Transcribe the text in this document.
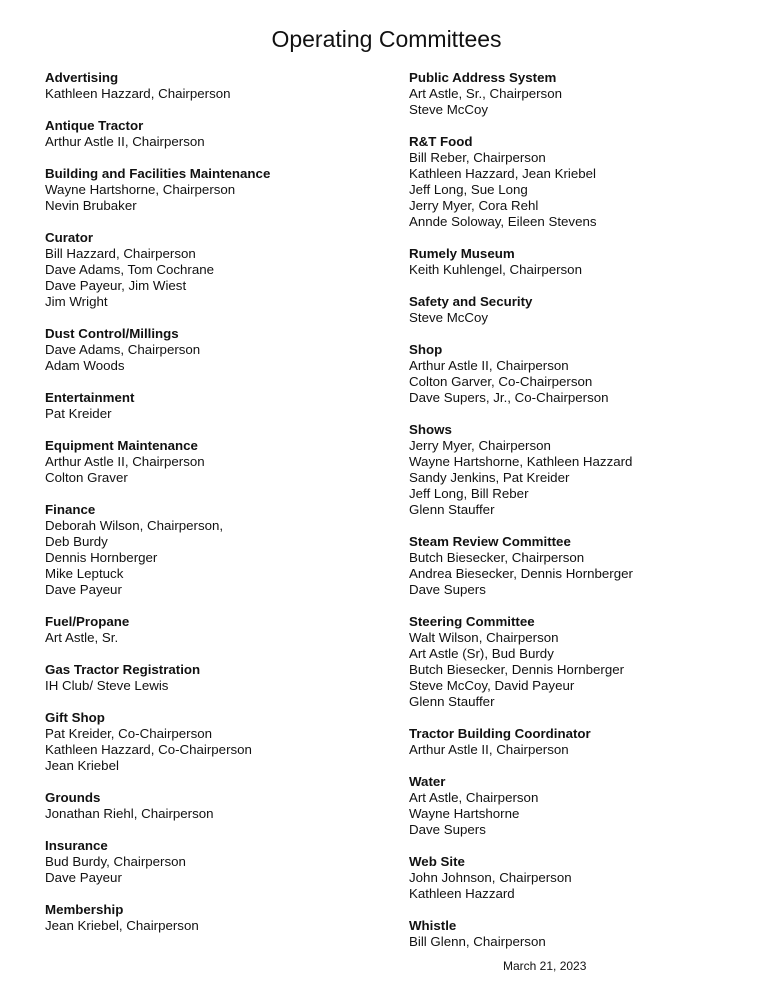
Operating Committees
Advertising
Kathleen Hazzard, Chairperson
Antique Tractor
Arthur Astle II, Chairperson
Building and Facilities Maintenance
Wayne Hartshorne, Chairperson
Nevin Brubaker
Curator
Bill Hazzard, Chairperson
Dave Adams, Tom Cochrane
Dave Payeur, Jim Wiest
Jim Wright
Dust Control/Millings
Dave Adams, Chairperson
Adam Woods
Entertainment
Pat Kreider
Equipment Maintenance
Arthur Astle II, Chairperson
Colton Graver
Finance
Deborah Wilson, Chairperson,
Deb Burdy
Dennis Hornberger
Mike Leptuck
Dave Payeur
Fuel/Propane
Art Astle, Sr.
Gas Tractor Registration
IH Club/ Steve Lewis
Gift Shop
Pat Kreider, Co-Chairperson
Kathleen Hazzard, Co-Chairperson
Jean Kriebel
Grounds
Jonathan Riehl, Chairperson
Insurance
Bud Burdy, Chairperson
Dave Payeur
Membership
Jean Kriebel, Chairperson
Public Address System
Art Astle, Sr., Chairperson
Steve McCoy
R&T Food
Bill Reber, Chairperson
Kathleen Hazzard, Jean Kriebel
Jeff Long, Sue Long
Jerry Myer, Cora Rehl
Annde Soloway, Eileen Stevens
Rumely Museum
Keith Kuhlengel, Chairperson
Safety and Security
Steve McCoy
Shop
Arthur Astle II, Chairperson
Colton Garver, Co-Chairperson
Dave Supers, Jr., Co-Chairperson
Shows
Jerry Myer, Chairperson
Wayne Hartshorne, Kathleen Hazzard
Sandy Jenkins, Pat Kreider
Jeff Long, Bill Reber
Glenn Stauffer
Steam Review Committee
Butch Biesecker, Chairperson
Andrea Biesecker, Dennis Hornberger
Dave Supers
Steering Committee
Walt Wilson, Chairperson
Art Astle (Sr), Bud Burdy
Butch Biesecker, Dennis Hornberger
Steve McCoy, David Payeur
Glenn Stauffer
Tractor Building Coordinator
Arthur Astle II, Chairperson
Water
Art Astle, Chairperson
Wayne Hartshorne
Dave Supers
Web Site
John Johnson, Chairperson
Kathleen Hazzard
Whistle
Bill Glenn, Chairperson
March 21, 2023
